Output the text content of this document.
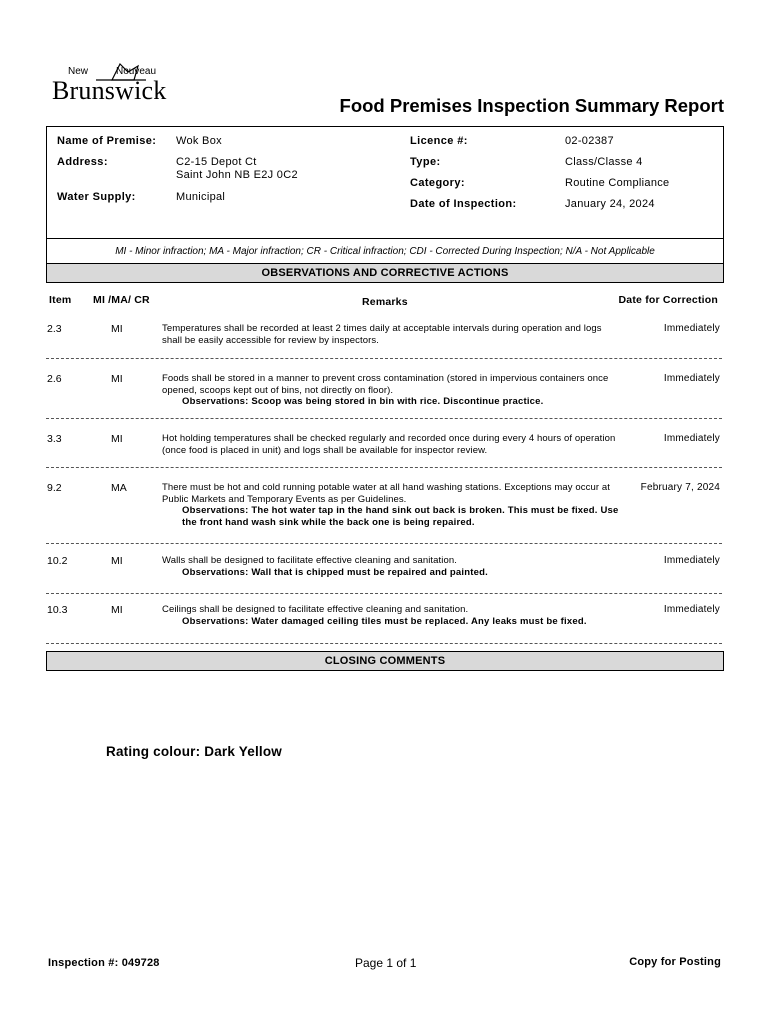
New	Nouveau
Brunswick
Food Premises Inspection Summary Report
Name of Premise: Wok Box
Address:	C2-15 Depot Ct
Saint John NB E2J 0C2
Water Supply:	Municipal
Licence #:	02-02387
Type:	Class/Classe 4
Category:	Routine Compliance
Date of Inspection:	January 24, 2024
MI - Minor infraction; MA - Major infraction; CR - Critical infraction; CDI - Corrected During Inspection; N/A - Not Applicable
OBSERVATIONS AND CORRECTIVE ACTIONS
Item MI /MA/ CR	Remarks	Date for Correction
2.3	MI	Temperatures shall be recorded at least 2 times daily at acceptable intervals during operation and logs shall be easily accessible for review by inspectors.
Immediately
2.6	MI	Foods shall be stored in a manner to prevent cross contamination (stored in impervious containers once opened, scoops kept out of bins, not directly on floor).
Observations: Scoop was being stored in bin with rice. Discontinue practice.
Immediately
3.3	MI	Hot holding temperatures shall be checked regularly and recorded once during every 4 hours of operation (once food is placed in unit) and logs shall be available for inspector review.
Immediately
9.2	MA	There must be hot and cold running potable water at all hand washing stations. Exceptions may occur at Public Markets and Temporary Events as per Guidelines.
Observations: The hot water tap in the hand sink out back is broken. This must be fixed. Use the front hand wash sink while the back one is being repaired.
February 7, 2024
10.2	MI	Walls shall be designed to facilitate effective cleaning and sanitation.
Observations: Wall that is chipped must be repaired and painted.
Immediately
10.3	MI	Ceilings shall be designed to facilitate effective cleaning and sanitation.
Observations: Water damaged ceiling tiles must be replaced. Any leaks must be fixed.
Immediately
CLOSING COMMENTS
Rating colour: Dark Yellow
Inspection #: 049728	Page 1 of 1	Copy for Posting
